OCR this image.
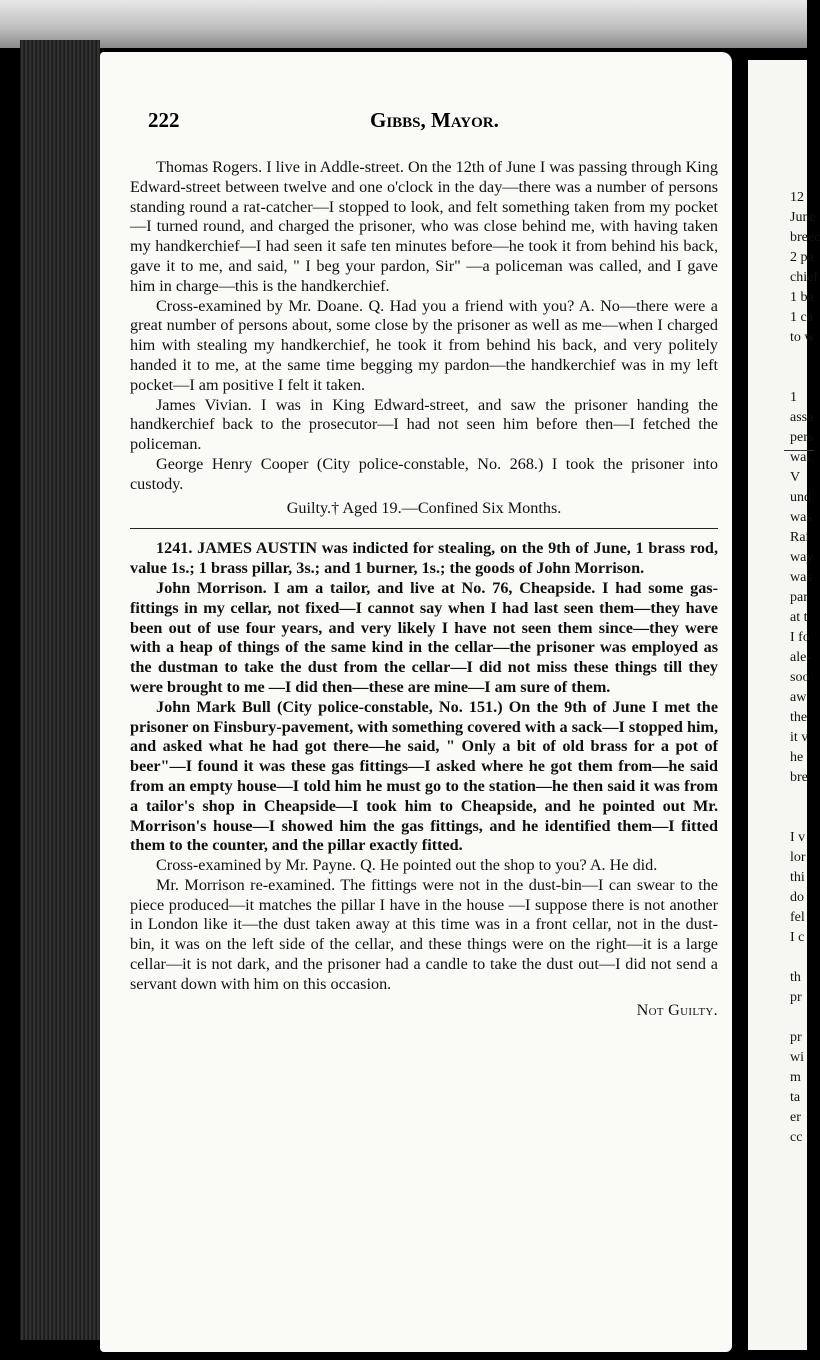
12
June
breec
2 pa
chief
1 ba
1 ca
to w
1
assa
pers
wat
V
und
was
Rai
way
was
par
at t
I fo
ale-
soo
aw
the
it v
he
bre
I v
lor
thi
do
fel
I c
th
pr
pr
wi
m
ta
er
cc
222	Gibbs, Mayor.

Thomas Rogers. I live in Addle-street. On the 12th of June I was passing through King Edward-street between twelve and one o'clock in the day—there was a number of persons standing round a rat-catcher—I stopped to look, and felt something taken from my pocket—I turned round, and charged the prisoner, who was close behind me, with having taken my handkerchief—I had seen it safe ten minutes before—he took it from behind his back, gave it to me, and said, " I beg your pardon, Sir" —a policeman was called, and I gave him in charge—this is the handkerchief.

Cross-examined by Mr. Doane. Q. Had you a friend with you? A. No—there were a great number of persons about, some close by the prisoner as well as me—when I charged him with stealing my handkerchief, he took it from behind his back, and very politely handed it to me, at the same time begging my pardon—the handkerchief was in my left pocket—I am positive I felt it taken.

James Vivian. I was in King Edward-street, and saw the prisoner handing the handkerchief back to the prosecutor—I had not seen him before then—I fetched the policeman.

George Henry Cooper (City police-constable, No. 268.) I took the prisoner into custody.

Guilty.† Aged 19.—Confined Six Months.

1241. JAMES AUSTIN was indicted for stealing, on the 9th of June, 1 brass rod, value 1s.; 1 brass pillar, 3s.; and 1 burner, 1s.; the goods of John Morrison.

John Morrison. I am a tailor, and live at No. 76, Cheapside. I had some gas-fittings in my cellar, not fixed—I cannot say when I had last seen them—they have been out of use four years, and very likely I have not seen them since—they were with a heap of things of the same kind in the cellar—the prisoner was employed as the dustman to take the dust from the cellar—I did not miss these things till they were brought to me —I did then—these are mine—I am sure of them.

John Mark Bull (City police-constable, No. 151.) On the 9th of June I met the prisoner on Finsbury-pavement, with something covered with a sack—I stopped him, and asked what he had got there—he said, " Only a bit of old brass for a pot of beer"—I found it was these gas fittings—I asked where he got them from—he said from an empty house—I told him he must go to the station—he then said it was from a tailor's shop in Cheapside—I took him to Cheapside, and he pointed out Mr. Morrison's house—I showed him the gas fittings, and he identified them—I fitted them to the counter, and the pillar exactly fitted.

Cross-examined by Mr. Payne. Q. He pointed out the shop to you? A. He did.

Mr. Morrison re-examined. The fittings were not in the dust-bin—I can swear to the piece produced—it matches the pillar I have in the house —I suppose there is not another in London like it—the dust taken away at this time was in a front cellar, not in the dust-bin, it was on the left side of the cellar, and these things were on the right—it is a large cellar—it is not dark, and the prisoner had a candle to take the dust out—I did not send a servant down with him on this occasion.

Not Guilty.
